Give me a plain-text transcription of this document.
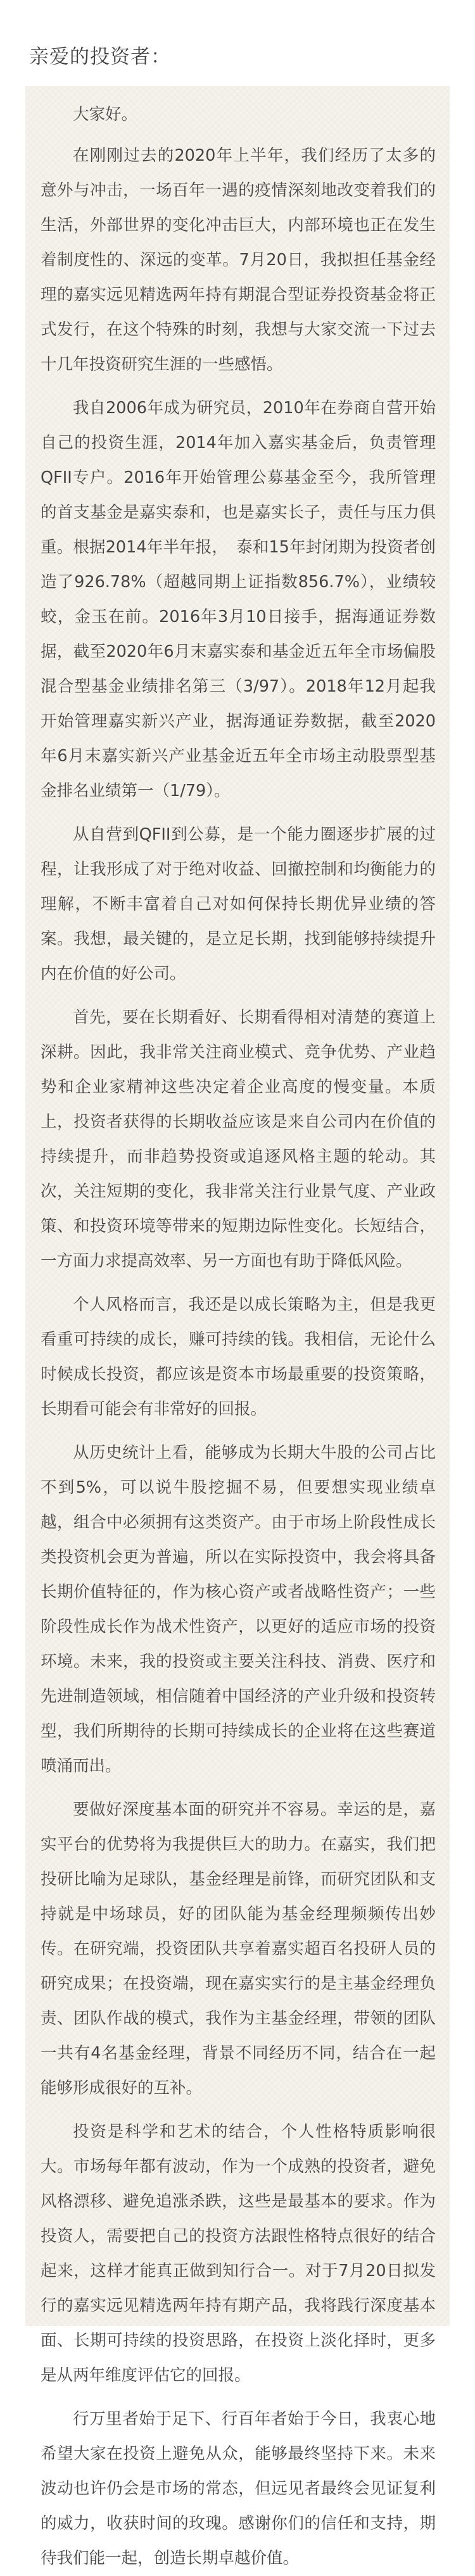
亲爱的投资者：

大家好。

在刚刚过去的2020年上半年，我们经历了太多的意外与冲击，一场百年一遇的疫情深刻地改变着我们的生活，外部世界的变化冲击巨大，内部环境也正在发生着制度性的、深远的变革。7月20日，我拟担任基金经理的嘉实远见精选两年持有期混合型证券投资基金将正式发行，在这个特殊的时刻，我想与大家交流一下过去十几年投资研究生涯的一些感悟。

我自2006年成为研究员，2010年在券商自营开始自己的投资生涯，2014年加入嘉实基金后，负责管理QFII专户。2016年开始管理公募基金至今，我所管理的首支基金是嘉实泰和，也是嘉实长子，责任与压力俱重。根据2014年半年报，　泰和15年封闭期为投资者创造了926.78%（超越同期上证指数856.7%），业绩较蛟，金玉在前。2016年3月10日接手，据海通证券数据，截至2020年6月末嘉实泰和基金近五年全市场偏股混合型基金业绩排名第三（3/97）。2018年12月起我开始管理嘉实新兴产业，据海通证券数据，截至2020年6月末嘉实新兴产业基金近五年全市场主动股票型基金排名业绩第一（1/79）。

从自营到QFII到公募，是一个能力圈逐步扩展的过程，让我形成了对于绝对收益、回撤控制和均衡能力的理解，不断丰富着自己对如何保持长期优异业绩的答案。我想，最关键的，是立足长期，找到能够持续提升内在价值的好公司。

首先，要在长期看好、长期看得相对清楚的赛道上深耕。因此，我非常关注商业模式、竞争优势、产业趋势和企业家精神这些决定着企业高度的慢变量。本质上，投资者获得的长期收益应该是来自公司内在价值的持续提升，而非趋势投资或追逐风格主题的轮动。其次，关注短期的变化，我非常关注行业景气度、产业政策、和投资环境等带来的短期边际性变化。长短结合，一方面力求提高效率、另一方面也有助于降低风险。

个人风格而言，我还是以成长策略为主，但是我更看重可持续的成长，赚可持续的钱。我相信，无论什么时候成长投资，都应该是资本市场最重要的投资策略，长期看可能会有非常好的回报。

从历史统计上看，能够成为长期大牛股的公司占比不到5%，可以说牛股挖掘不易，但要想实现业绩卓越，组合中必须拥有这类资产。由于市场上阶段性成长类投资机会更为普遍，所以在实际投资中，我会将具备长期价值特征的，作为核心资产或者战略性资产；一些阶段性成长作为战术性资产，以更好的适应市场的投资环境。未来，我的投资或主要关注科技、消费、医疗和先进制造领域，相信随着中国经济的产业升级和投资转型，我们所期待的长期可持续成长的企业将在这些赛道喷涌而出。

要做好深度基本面的研究并不容易。幸运的是，嘉实平台的优势将为我提供巨大的助力。在嘉实，我们把投研比喻为足球队，基金经理是前锋，而研究团队和支持就是中场球员，好的团队能为基金经理频频传出妙传。在研究端，投资团队共享着嘉实超百名投研人员的研究成果；在投资端，现在嘉实实行的是主基金经理负责、团队作战的模式，我作为主基金经理，带领的团队一共有4名基金经理，背景不同经历不同，结合在一起能够形成很好的互补。

投资是科学和艺术的结合，个人性格特质影响很大。市场每年都有波动，作为一个成熟的投资者，避免风格漂移、避免追涨杀跌，这些是最基本的要求。作为投资人，需要把自己的投资方法跟性格特点很好的结合起来，这样才能真正做到知行合一。对于7月20日拟发行的嘉实远见精选两年持有期产品，我将践行深度基本面、长期可持续的投资思路，在投资上淡化择时，更多是从两年维度评估它的回报。

行万里者始于足下、行百年者始于今日，我衷心地希望大家在投资上避免从众，能够最终坚持下来。未来波动也许仍会是市场的常态，但远见者最终会见证复利的威力，收获时间的玫瑰。感谢你们的信任和支持，期待我们能一起，创造长期卓越价值。
